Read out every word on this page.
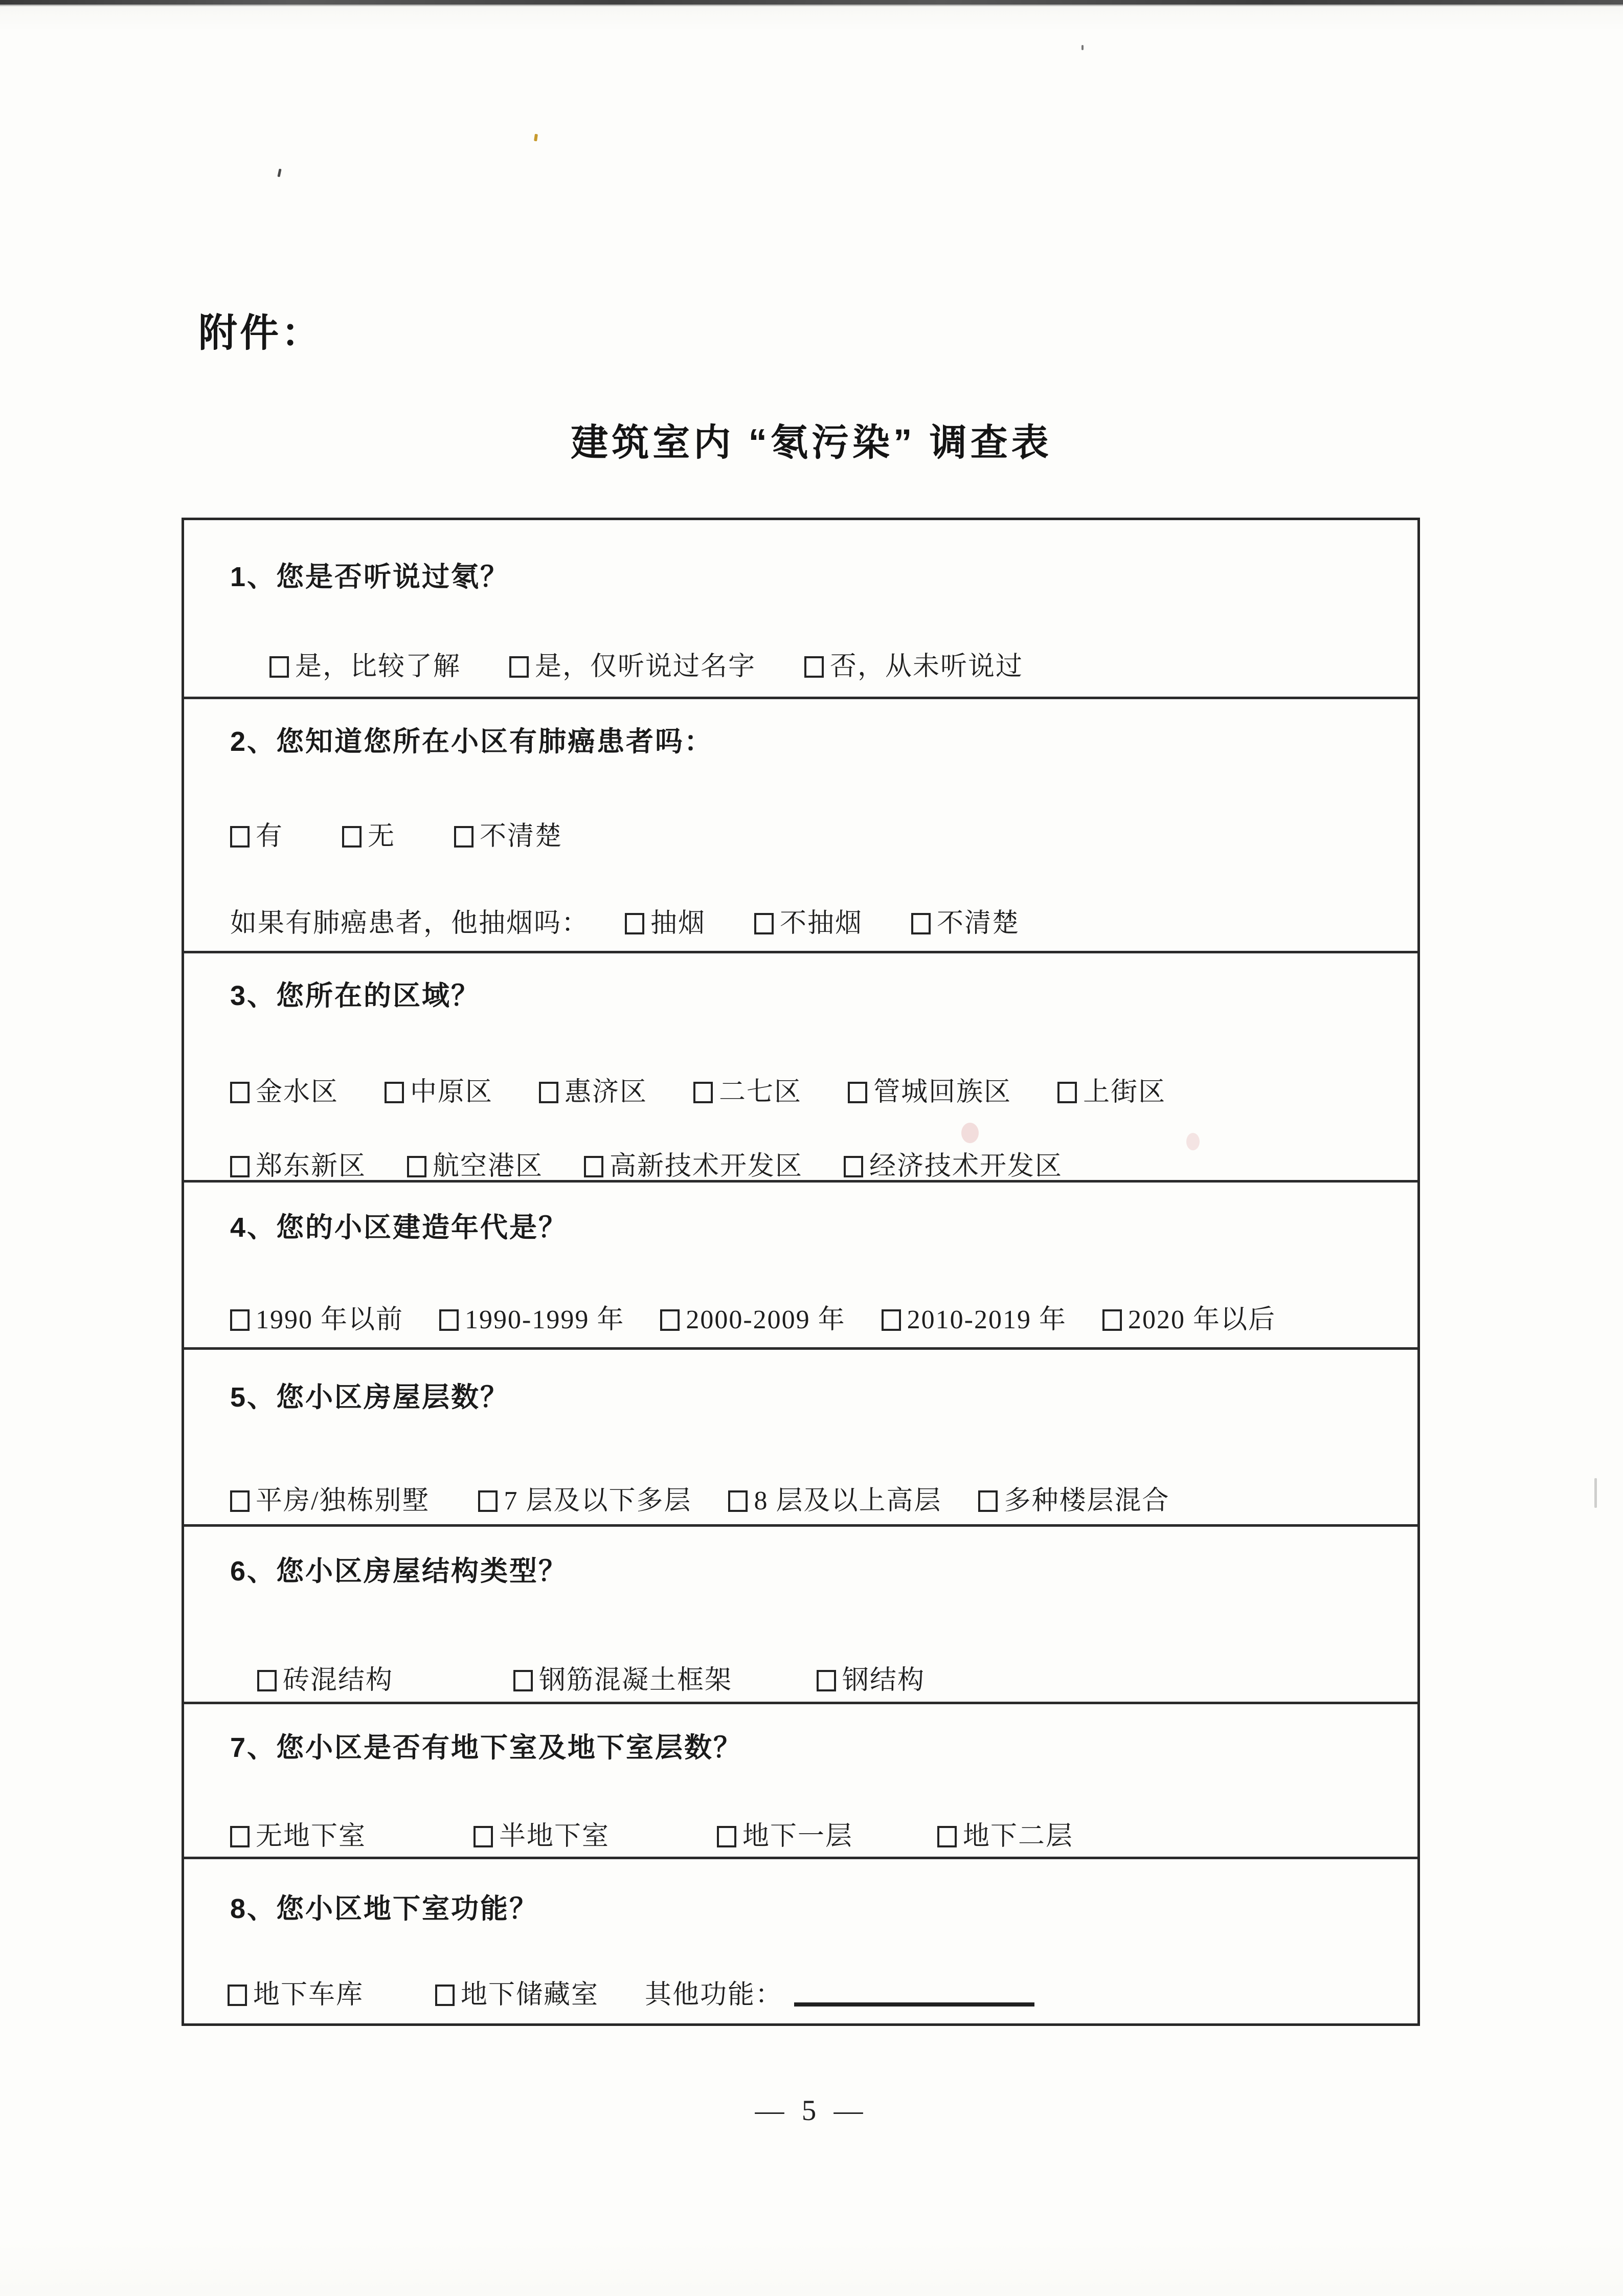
附件：
建筑室内 “氡污染” 调查表
1、您是否听说过氡？
是，比较了解	是，仅听说过名字	否，从未听说过
2、您知道您所在小区有肺癌患者吗：
有	无	不清楚
如果有肺癌患者，他抽烟吗： 抽烟	不抽烟	不清楚
3、您所在的区域？
金水区	中原区	惠济区	二七区	管城回族区	上街区
郑东新区	航空港区	高新技术开发区	经济技术开发区
4、您的小区建造年代是？
1990 年以前 1990-1999 年 2000-2009 年 2010-2019 年 2020 年以后
5、您小区房屋层数？
平房/独栋别墅	7 层及以下多层 8 层及以上高层 多种楼层混合
6、您小区房屋结构类型？
砖混结构	钢筋混凝土框架	钢结构
7、您小区是否有地下室及地下室层数？
无地下室	半地下室	地下一层	地下二层
8、您小区地下室功能？
地下车库	地下储藏室 其他功能：
— 5 —
